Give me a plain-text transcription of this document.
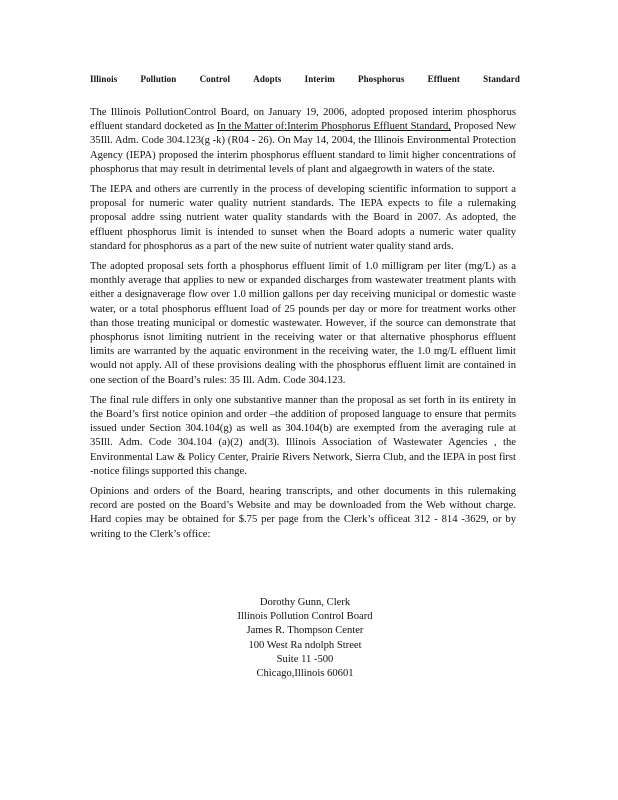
Illinois	Pollution	Control	Adopts	Interim	Phosphorus	Effluent	Standard

The Illinois PollutionControl Board, on January 19, 2006, adopted proposed interim phosphorus effluent standard docketed as In the Matter of:Interim Phosphorus Effluent Standard, Proposed New 35Ill. Adm. Code 304.123(g -k) (R04 - 26). On May 14, 2004, the Illinois Environmental Protection Agency (IEPA) proposed the interim phosphorus effluent standard to limit higher concentrations of phosphorus that may result in detrimental levels of plant and algaegrowth in waters of the state.

The IEPA and others are currently in the process of developing scientific information to support a proposal for numeric water quality nutrient standards. The IEPA expects to file a rulemaking proposal addre ssing nutrient water quality standards with the Board in 2007. As adopted, the effluent phosphorus limit is intended to sunset when the Board adopts a numeric water quality standard for phosphorus as a part of the new suite of nutrient water quality stand ards.

The adopted proposal sets forth a phosphorus effluent limit of 1.0 milligram per liter (mg/L) as a monthly average that applies to new or expanded discharges from wastewater treatment plants with either a designaverage flow over 1.0 million gallons per day receiving municipal or domestic waste water, or a total phosphorus effluent load of 25 pounds per day or more for treatment works other than those treating municipal or domestic wastewater. However, if the source can demonstrate that phosphorus isnot limiting nutrient in the receiving water or that alternative phosphorus effluent limits are warranted by the aquatic environment in the receiving water, the 1.0 mg/L effluent limit would not apply. All of these provisions dealing with the phosphorus effluent limit are contained in one section of the Board’s rules: 35 Ill. Adm. Code 304.123.

The final rule differs in only one substantive manner than the proposal as set forth in its entirety in the Board’s first notice opinion and order –the addition of proposed language to ensure that permits issued under Section 304.104(g) as well as 304.104(b) are exempted from the averaging rule at 35Ill. Adm. Code 304.104 (a)(2) and(3). Illinois Association of Wastewater Agencies , the Environmental Law & Policy Center, Prairie Rivers Network, Sierra Club, and the IEPA in post first -notice filings supported this change.

Opinions and orders of the Board, hearing transcripts, and other documents in this rulemaking record are posted on the Board’s Website and may be downloaded from the Web without charge. Hard copies may be obtained for $.75 per page from the Clerk’s officeat 312 - 814 -3629, or by writing to the Clerk’s office:

Dorothy Gunn, Clerk
Illinois Pollution Control Board
James R. Thompson Center
100 West Ra ndolph Street
Suite 11 -500
Chicago,Illinois 60601
